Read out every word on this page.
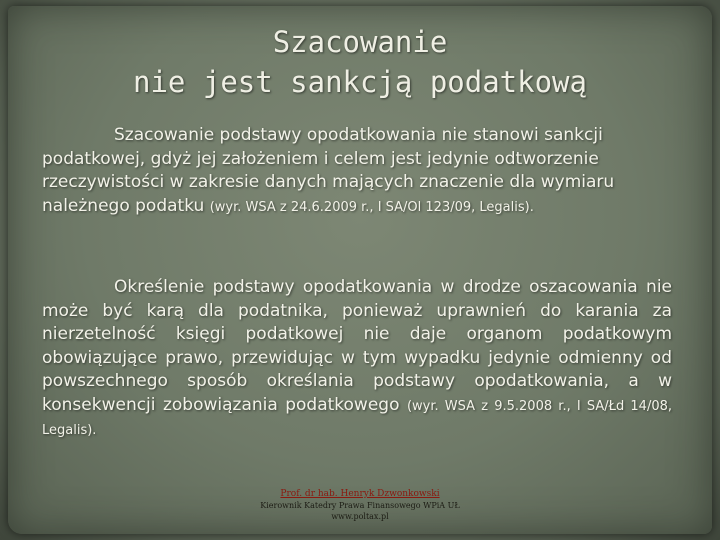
Szacowanie
nie jest sankcją podatkową
Szacowanie podstawy opodatkowania nie stanowi sankcji podatkowej, gdyż jej założeniem i celem jest jedynie odtworzenie rzeczywistości w zakresie danych mających znaczenie dla wymiaru należnego podatku (wyr. WSA z 24.6.2009 r., I SA/Ol 123/09, Legalis).
Określenie podstawy opodatkowania w drodze oszacowania nie może być karą dla podatnika, ponieważ uprawnień do karania za nierzetelność księgi podatkowej nie daje organom podatkowym obowiązujące prawo, przewidując w tym wypadku jedynie odmienny od powszechnego sposób określania podstawy opodatkowania, a w konsekwencji zobowiązania podatkowego (wyr. WSA z 9.5.2008 r., I SA/Łd 14/08, Legalis).
Prof. dr hab. Henryk Dzwonkowski
Kierownik Katedry Prawa Finansowego WPiA UŁ
www.poltax.pl
